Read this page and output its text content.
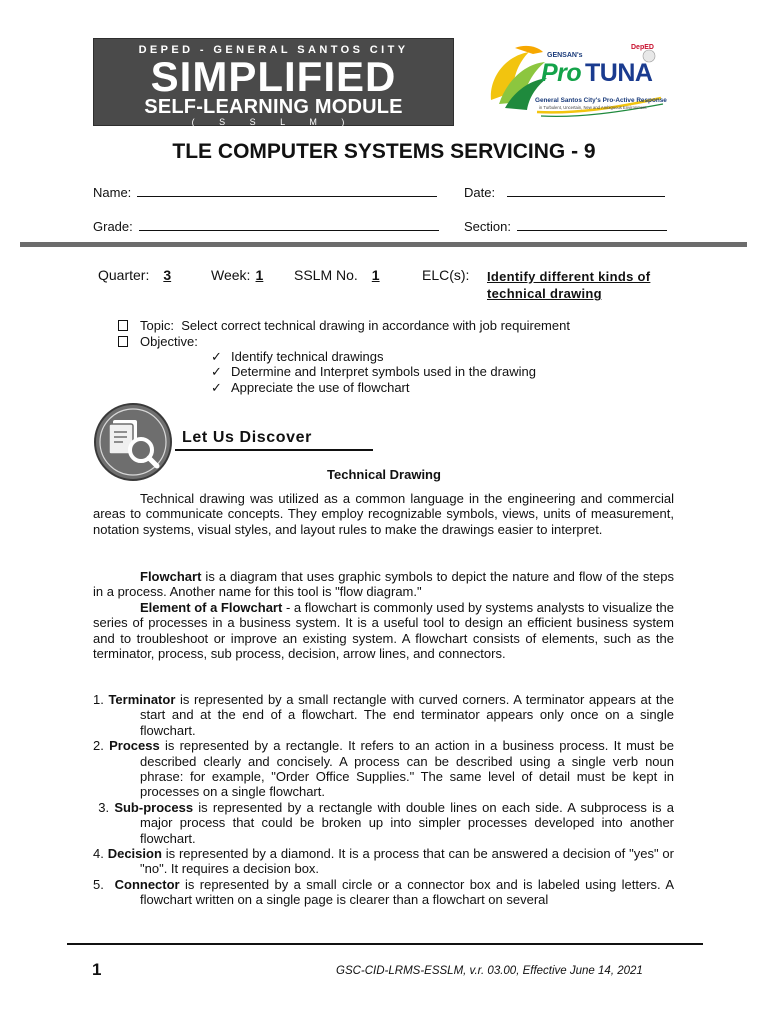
DEPED - GENERAL SANTOS CITY
SIMPLIFIED
SELF-LEARNING MODULE
( S S L M )
GENSAN's
DepED
Pro TUNA
General Santos City's Pro-Active Response
in Turbulent, Uncertain, New and Ambiguous Environment
TLE COMPUTER SYSTEMS SERVICING - 9
Name:	Date:
Grade:	Section:
Quarter: 3	Week:1	SSLM No. 1	ELC(s): Identify different kinds of
technical drawing
Topic: Select correct technical drawing in accordance with job requirement
Objective:
✓ Identify technical drawings
✓ Determine and Interpret symbols used in the drawing
✓ Appreciate the use of flowchart
Let Us Discover
Technical Drawing

Technical drawing was utilized as a common language in the engineering and commercial areas to communicate concepts. They employ recognizable symbols, views, units of measurement, notation systems, visual styles, and layout rules to make the drawings easier to interpret.

Flowchart is a diagram that uses graphic symbols to depict the nature and flow of the steps in a process. Another name for this tool is "flow diagram."

Element of a Flowchart - a flowchart is commonly used by systems analysts to visualize the series of processes in a business system. It is a useful tool to design an efficient business system and to troubleshoot or improve an existing system. A flowchart consists of elements, such as the terminator, process, sub process, decision, arrow lines, and connectors.

1. Terminator is represented by a small rectangle with curved corners. A terminator appears at the start and at the end of a flowchart. The end terminator appears only once on a single flowchart.
2. Process is represented by a rectangle. It refers to an action in a business process. It must be described clearly and concisely. A process can be described using a single verb noun phrase: for example, "Order Office Supplies." The same level of detail must be kept in processes on a single flowchart.
3. Sub-process is represented by a rectangle with double lines on each side. A subprocess is a major process that could be broken up into simpler processes developed into another flowchart.
4. Decision is represented by a diamond. It is a process that can be answered a decision of "yes" or "no". It requires a decision box.
5. Connector is represented by a small circle or a connector box and is labeled using letters. A flowchart written on a single page is clearer than a flowchart on several
1	GSC-CID-LRMS-ESSLM, v.r. 03.00, Effective June 14, 2021
